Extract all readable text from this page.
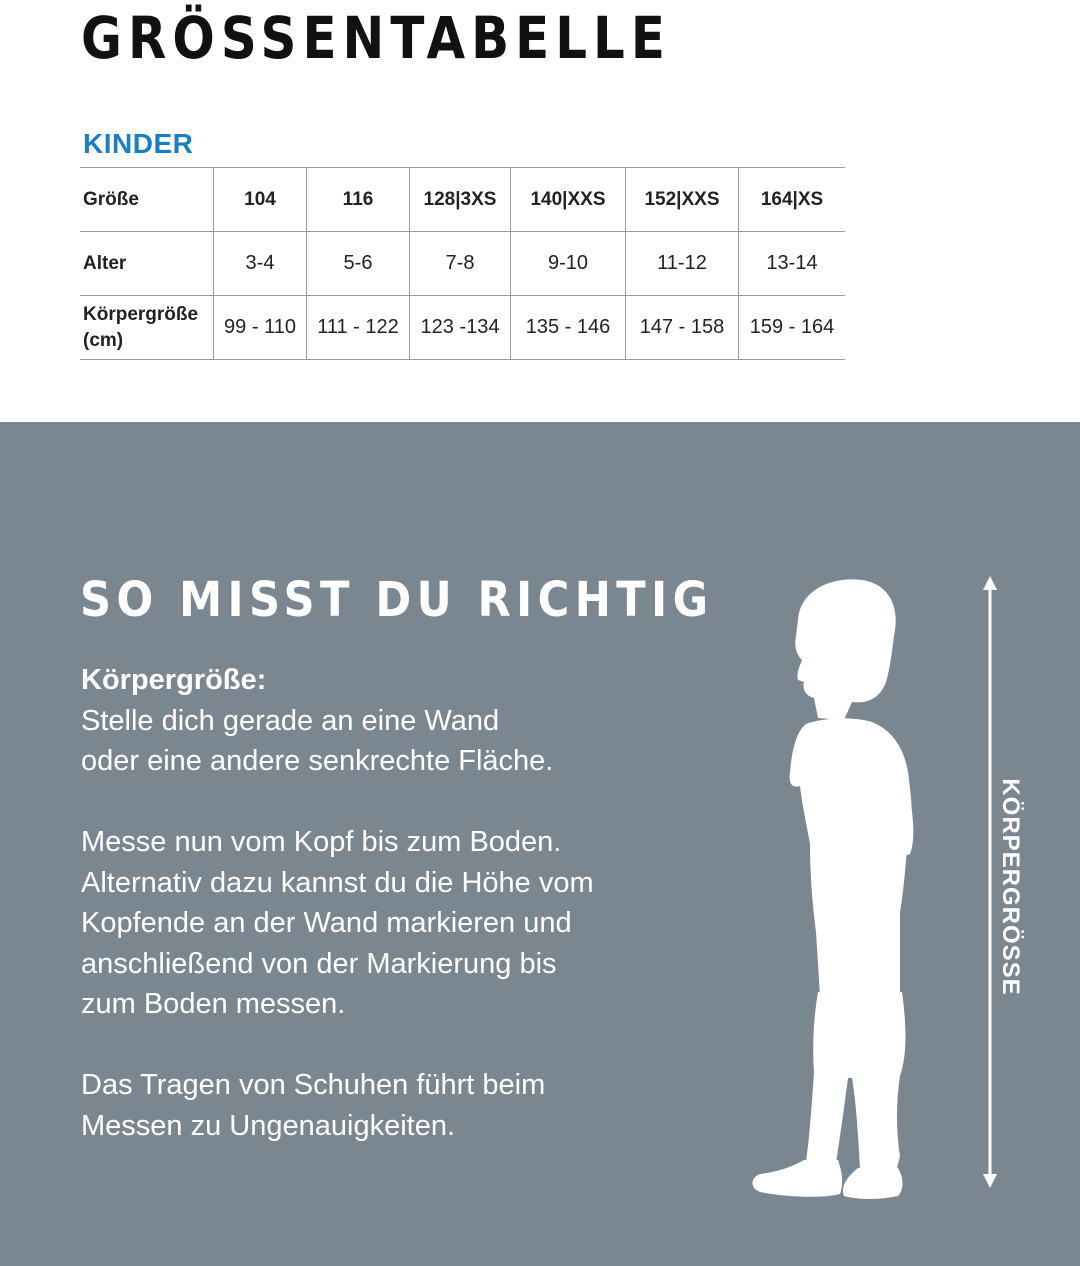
GRÖSSENTABELLE
KINDER
Größe	104	116	128|3XS	140|XXS	152|XXS	164|XS
Alter	3-4	5-6	7-8	9-10	11-12	13-14
Körpergröße
(cm)	99 - 110	111 - 122	123 -134	135 - 146	147 - 158	159 - 164
SO MISST DU RICHTIG

Körpergröße:

Stelle dich gerade an eine Wand

oder eine andere senkrechte Fläche.

Messe nun vom Kopf bis zum Boden.

Alternativ dazu kannst du die Höhe vom

Kopfende an der Wand markieren und

anschließend von der Markierung bis

zum Boden messen.

Das Tragen von Schuhen führt beim

Messen zu Ungenauigkeiten.

KÖRPERGRÖSSE
